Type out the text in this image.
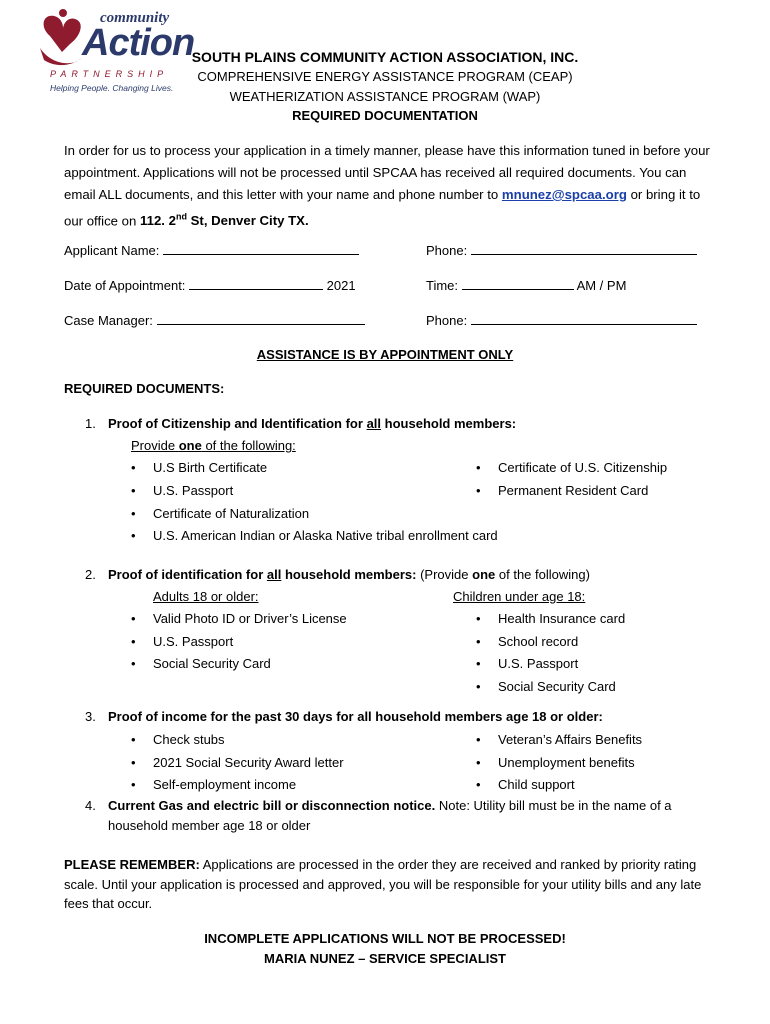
community
Action
PARTNERSHIP
Helping People. Changing Lives.
SOUTH PLAINS COMMUNITY ACTION ASSOCIATION, INC.
COMPREHENSIVE ENERGY ASSISTANCE PROGRAM (CEAP)
WEATHERIZATION ASSISTANCE PROGRAM (WAP)
REQUIRED DOCUMENTATION
In order for us to process your application in a timely manner, please have this information tuned in before your appointment. Applications will not be processed until SPCAA has received all required documents. You can email ALL documents, and this letter with your name and phone number to mnunez@spcaa.org or bring it to our office on 112. 2nd St, Denver City TX.
Applicant Name:	Phone:
Date of Appointment:	2021	Time:	AM / PM
Case Manager:	Phone:
ASSISTANCE IS BY APPOINTMENT ONLY
REQUIRED DOCUMENTS:
1. Proof of Citizenship and Identification for all household members:
Provide one of the following:
• U.S Birth Certificate
• U.S. Passport
• Certificate of Naturalization
• U.S. American Indian or Alaska Native tribal enrollment card
• Certificate of U.S. Citizenship
• Permanent Resident Card
2. Proof of identification for all household members: (Provide one of the following)
Adults 18 or older:	Children under age 18:
• Valid Photo ID or Driver’s License
• U.S. Passport
• Social Security Card
• Health Insurance card
• School record
• U.S. Passport
• Social Security Card
3. Proof of income for the past 30 days for all household members age 18 or older:
• Check stubs
• 2021 Social Security Award letter
• Self-employment income
• Veteran’s Affairs Benefits
• Unemployment benefits
• Child support
4. Current Gas and electric bill or disconnection notice. Note: Utility bill must be in the name of a
household member age 18 or older
PLEASE REMEMBER: Applications are processed in the order they are received and ranked by priority rating scale. Until your application is processed and approved, you will be responsible for your utility bills and any late fees that occur.
INCOMPLETE APPLICATIONS WILL NOT BE PROCESSED!
MARIA NUNEZ – SERVICE SPECIALIST
